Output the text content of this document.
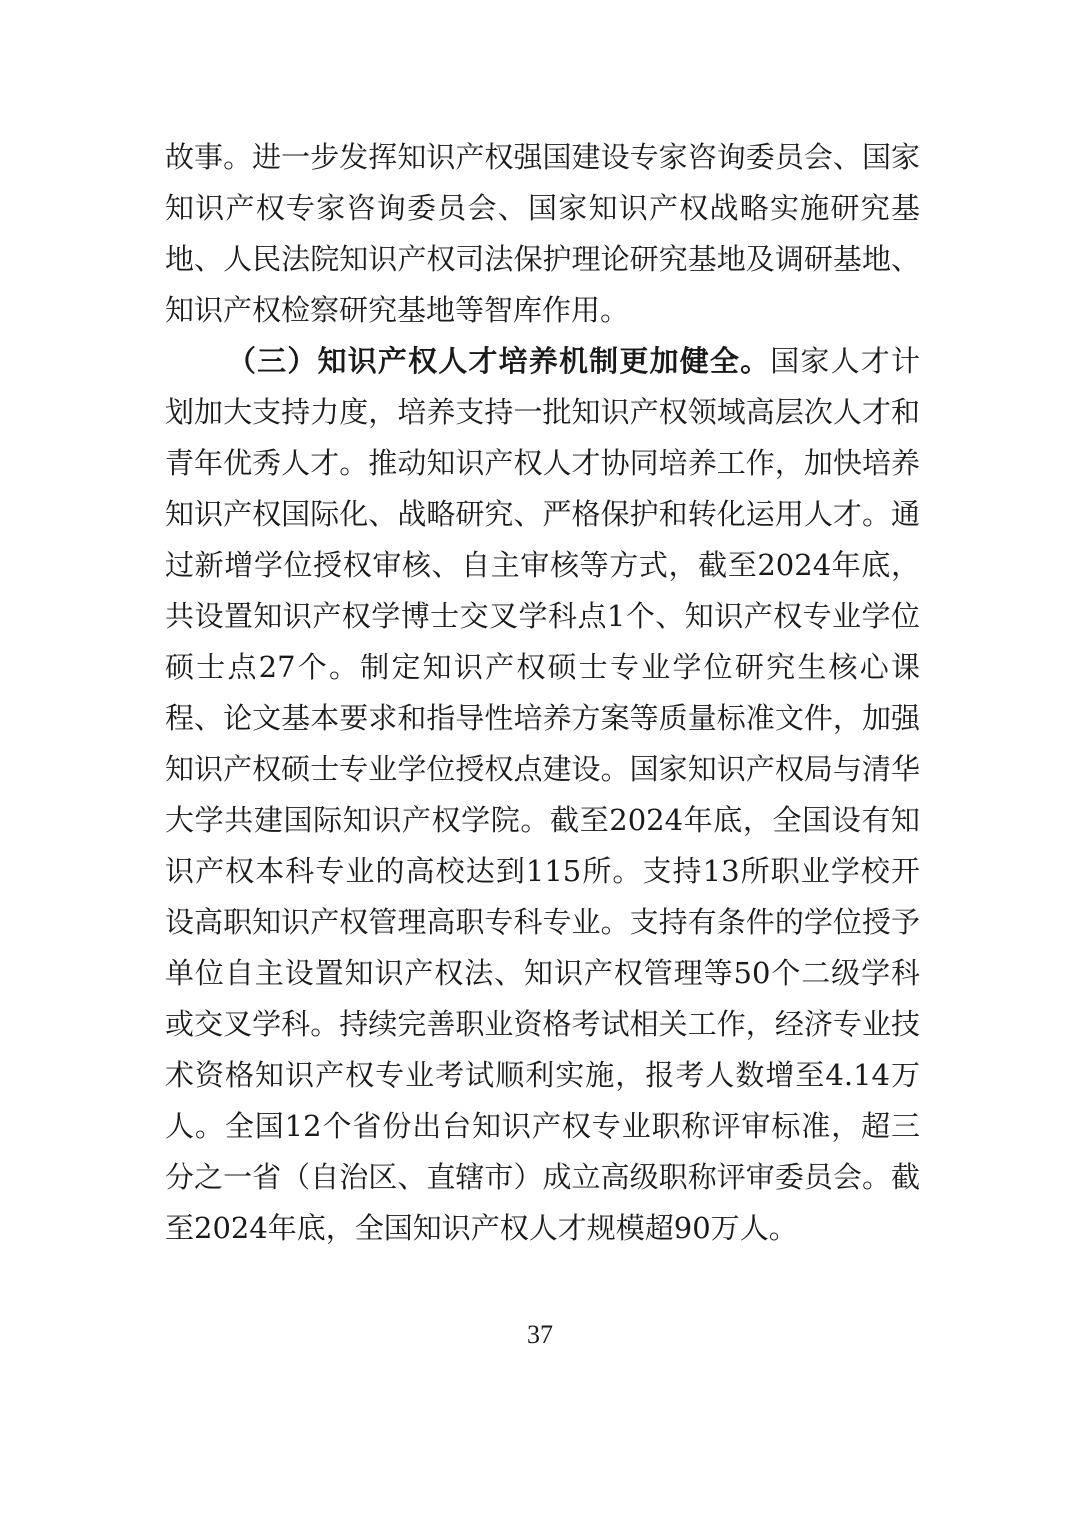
故事。进一步发挥知识产权强国建设专家咨询委员会、国家知识产权专家咨询委员会、国家知识产权战略实施研究基地、人民法院知识产权司法保护理论研究基地及调研基地、知识产权检察研究基地等智库作用。

（三）知识产权人才培养机制更加健全。国家人才计划加大支持力度，培养支持一批知识产权领域高层次人才和青年优秀人才。推动知识产权人才协同培养工作，加快培养知识产权国际化、战略研究、严格保护和转化运用人才。通过新增学位授权审核、自主审核等方式，截至2024年底，共设置知识产权学博士交叉学科点1个、知识产权专业学位硕士点27个。制定知识产权硕士专业学位研究生核心课程、论文基本要求和指导性培养方案等质量标准文件，加强知识产权硕士专业学位授权点建设。国家知识产权局与清华大学共建国际知识产权学院。截至2024年底，全国设有知识产权本科专业的高校达到115所。支持13所职业学校开设高职知识产权管理高职专科专业。支持有条件的学位授予单位自主设置知识产权法、知识产权管理等50个二级学科或交叉学科。持续完善职业资格考试相关工作，经济专业技术资格知识产权专业考试顺利实施，报考人数增至4.14万人。全国12个省份出台知识产权专业职称评审标准，超三分之一省（自治区、直辖市）成立高级职称评审委员会。截至2024年底，全国知识产权人才规模超90万人。

37
